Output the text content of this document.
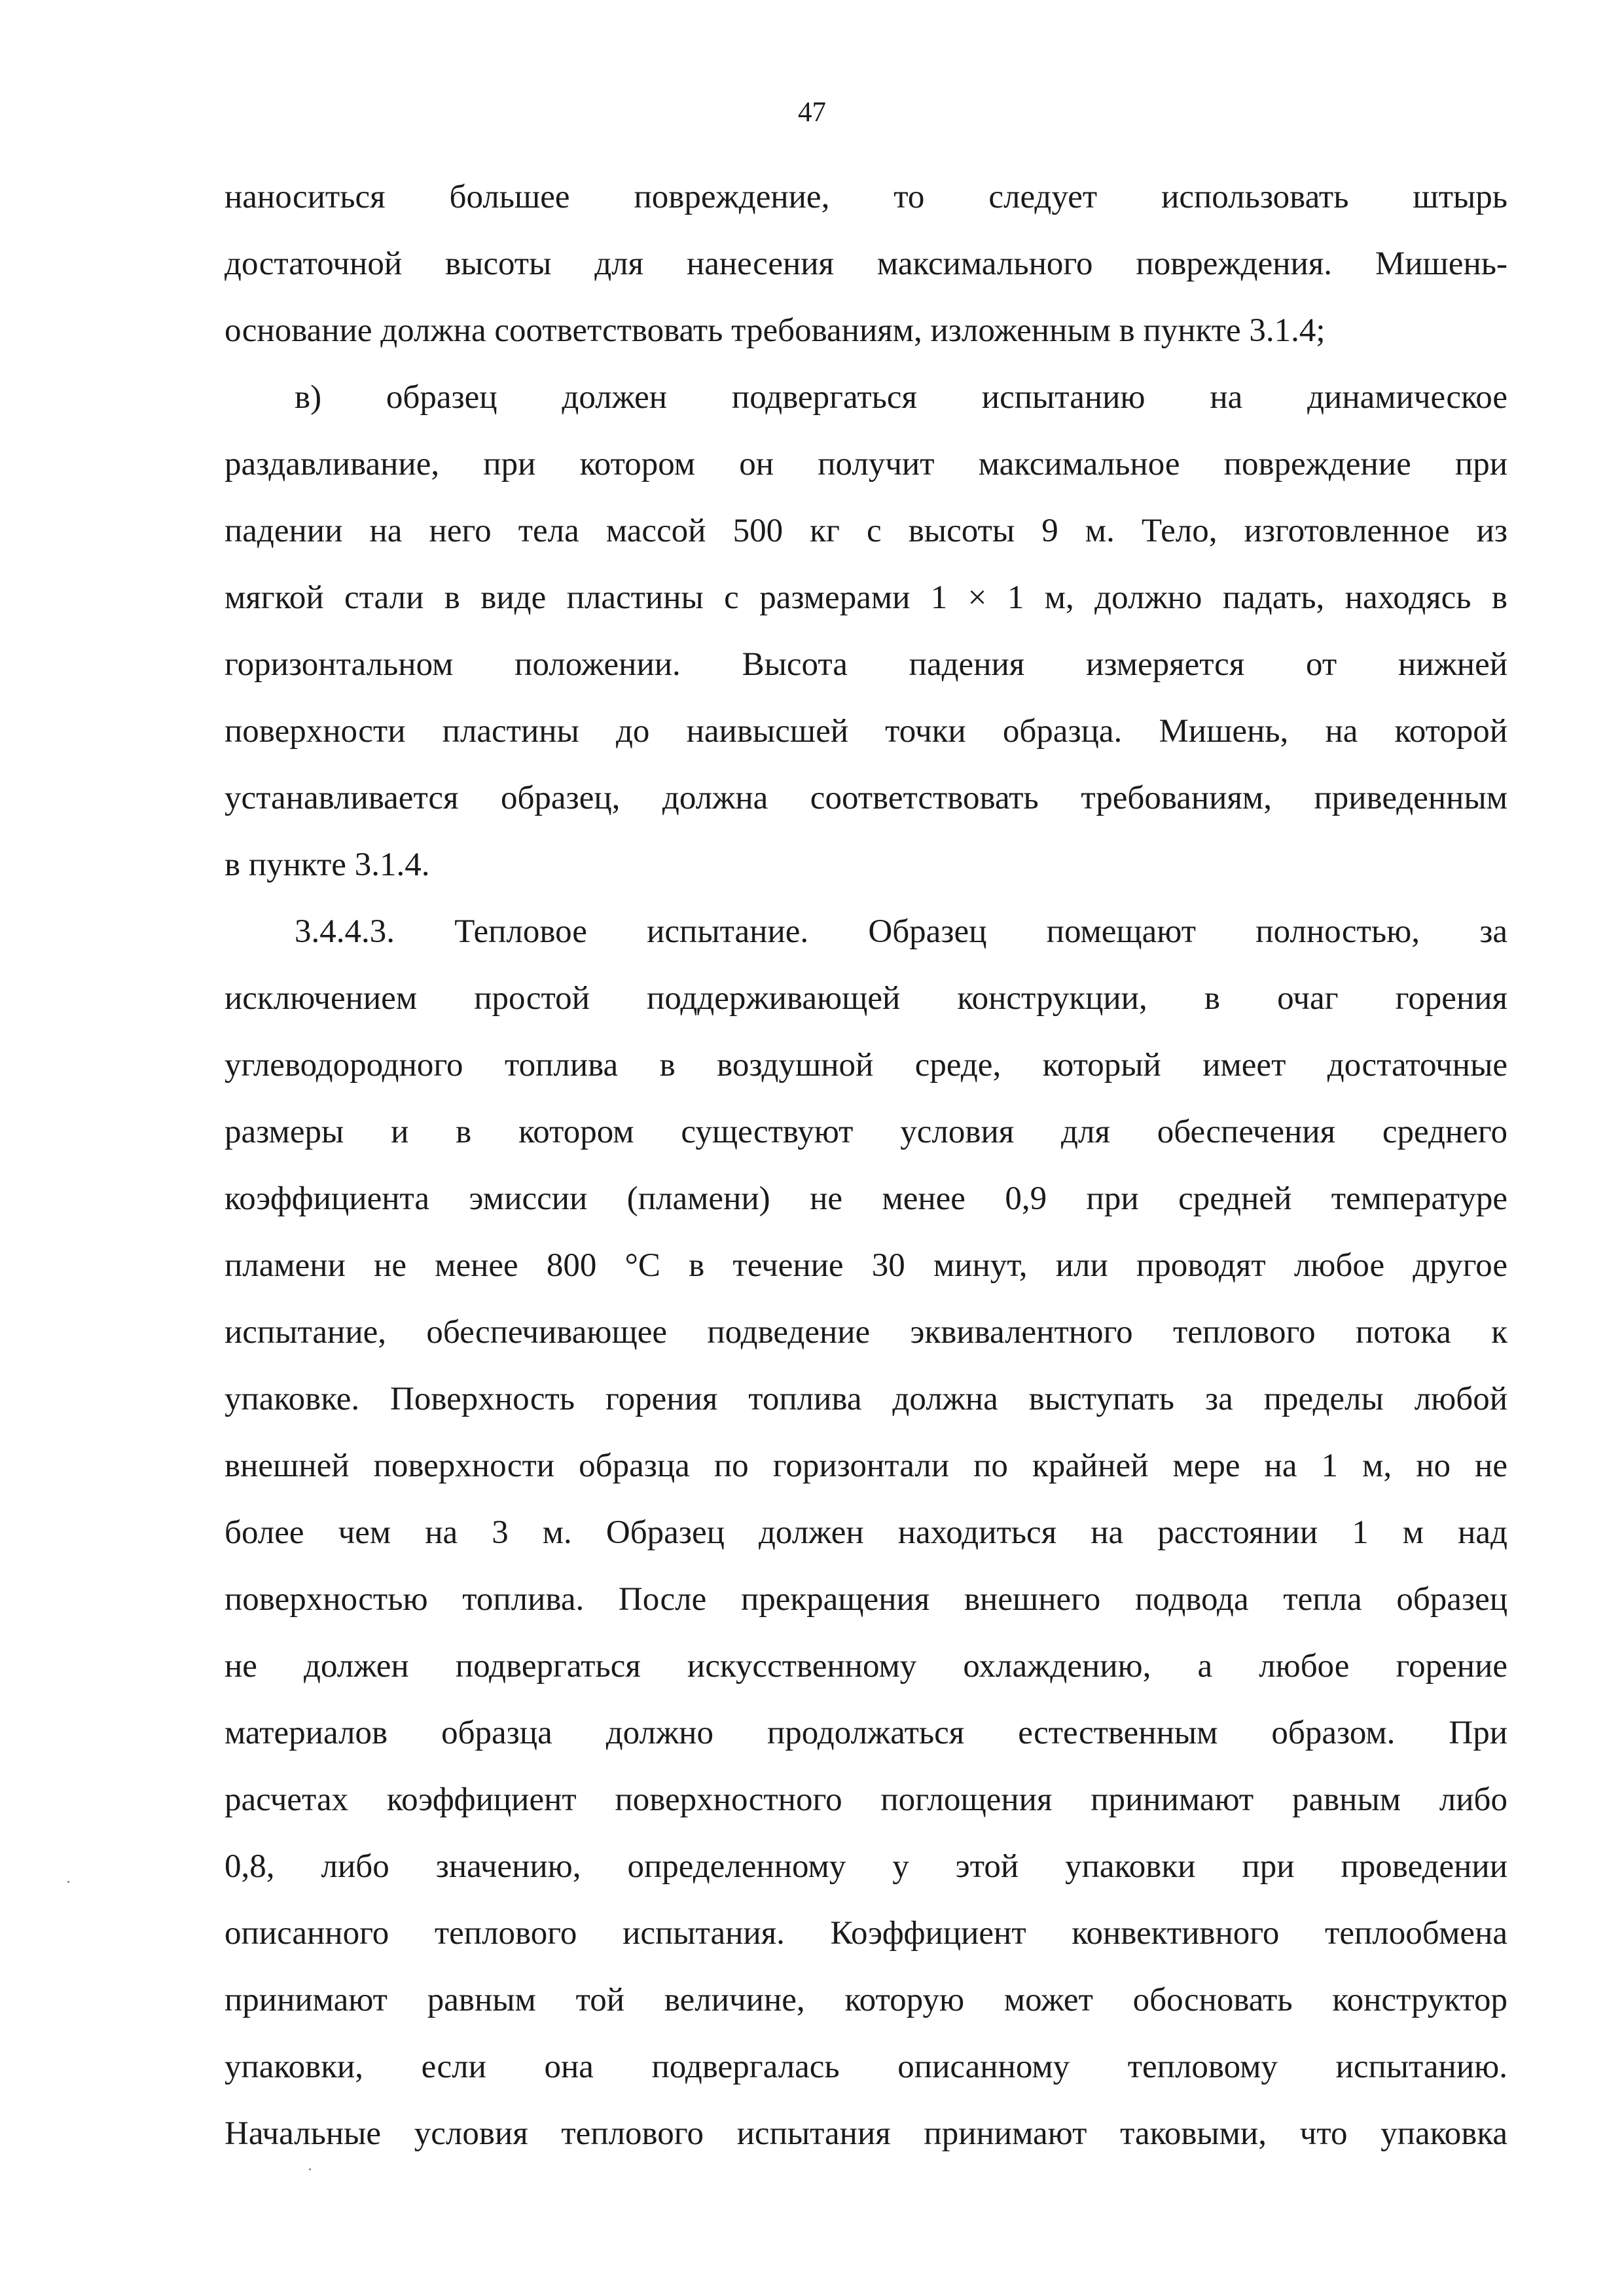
47
наноситься большее повреждение, то следует использовать штырь
достаточной высоты для нанесения максимального повреждения. Мишень-
основание должна соответствовать требованиям, изложенным в пункте 3.1.4;
в) образец должен подвергаться испытанию на динамическое
раздавливание, при котором он получит максимальное повреждение при
падении на него тела массой 500 кг с высоты 9 м. Тело, изготовленное из
мягкой стали в виде пластины с размерами 1 × 1 м, должно падать, находясь в
горизонтальном положении. Высота падения измеряется от нижней
поверхности пластины до наивысшей точки образца. Мишень, на которой
устанавливается образец, должна соответствовать требованиям, приведенным
в пункте 3.1.4.
3.4.4.3. Тепловое испытание. Образец помещают полностью, за
исключением простой поддерживающей конструкции, в очаг горения
углеводородного топлива в воздушной среде, который имеет достаточные
размеры и в котором существуют условия для обеспечения среднего
коэффициента эмиссии (пламени) не менее 0,9 при средней температуре
пламени не менее 800 °С в течение 30 минут, или проводят любое другое
испытание, обеспечивающее подведение эквивалентного теплового потока к
упаковке. Поверхность горения топлива должна выступать за пределы любой
внешней поверхности образца по горизонтали по крайней мере на 1 м, но не
более чем на 3 м. Образец должен находиться на расстоянии 1 м над
поверхностью топлива. После прекращения внешнего подвода тепла образец
не должен подвергаться искусственному охлаждению, а любое горение
материалов образца должно продолжаться естественным образом. При
расчетах коэффициент поверхностного поглощения принимают равным либо
0,8, либо значению, определенному у этой упаковки при проведении
описанного теплового испытания. Коэффициент конвективного теплообмена
принимают равным той величине, которую может обосновать конструктор
упаковки, если она подвергалась описанному тепловому испытанию.
Начальные условия теплового испытания принимают таковыми, что упаковка
